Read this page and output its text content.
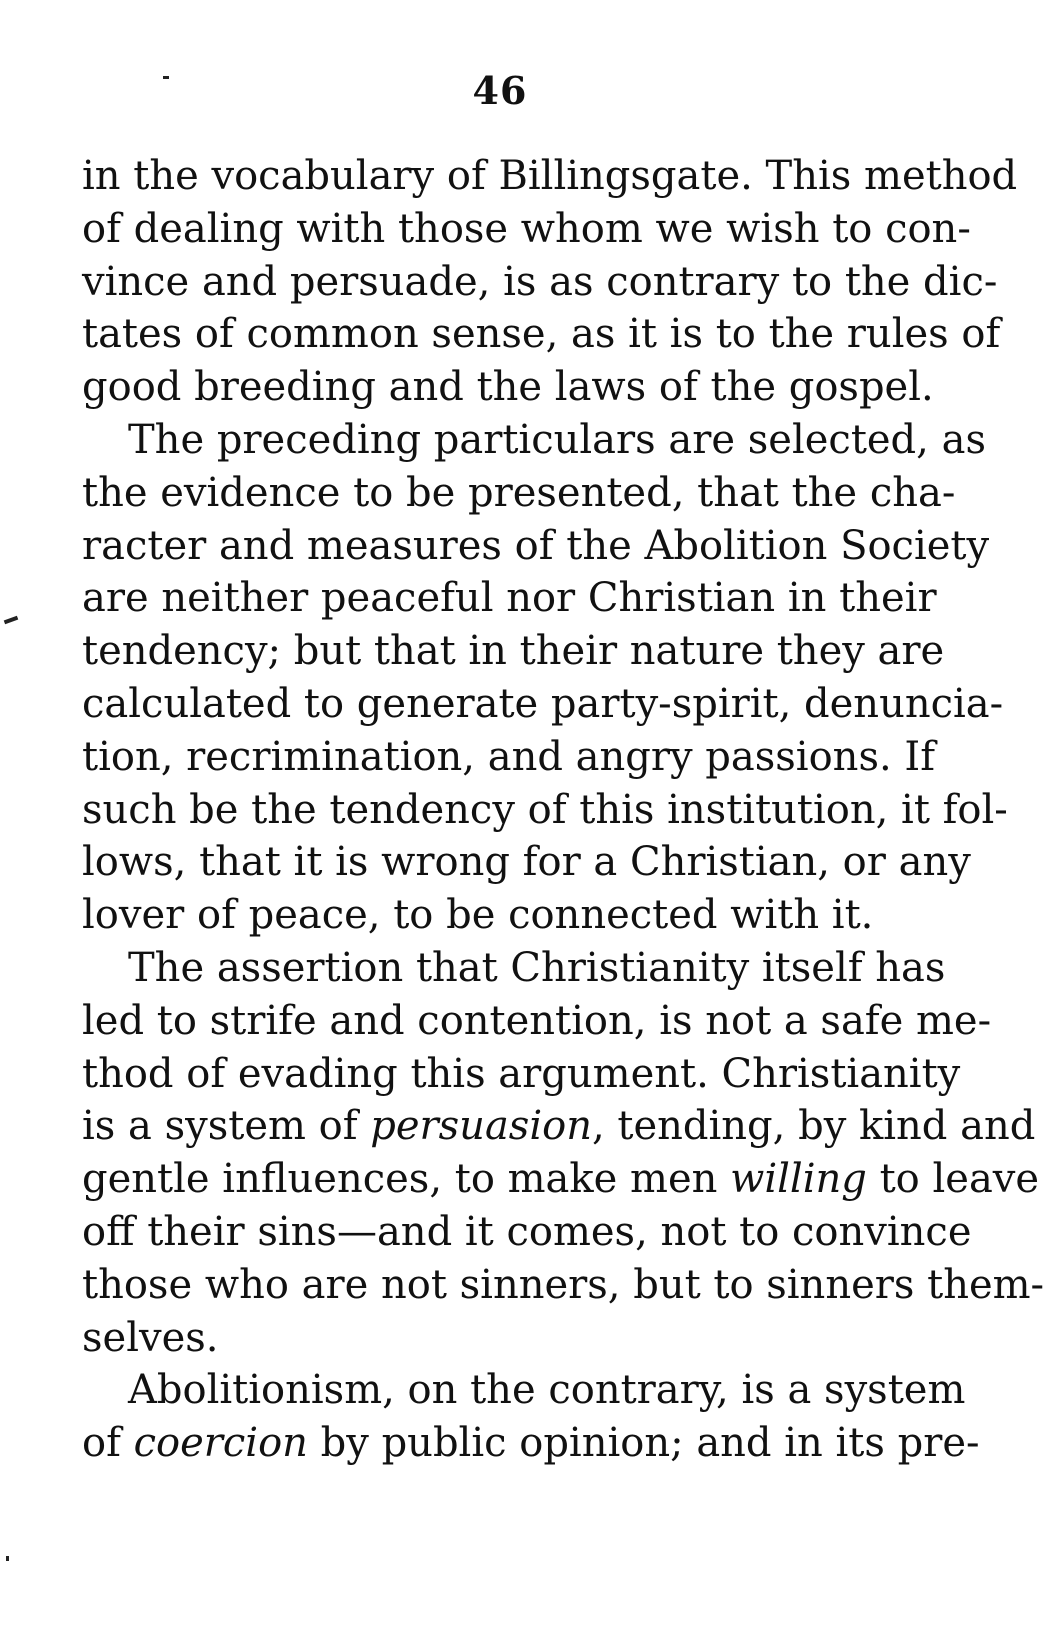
46
in the vocabulary of Billingsgate. This method
of dealing with those whom we wish to con-
vince and persuade, is as contrary to the dic-
tates of common sense, as it is to the rules of
good breeding and the laws of the gospel.
The preceding particulars are selected, as
the evidence to be presented, that the cha-
racter and measures of the Abolition Society
are neither peaceful nor Christian in their
tendency; but that in their nature they are
calculated to generate party-spirit, denuncia-
tion, recrimination, and angry passions. If
such be the tendency of this institution, it fol-
lows, that it is wrong for a Christian, or any
lover of peace, to be connected with it.
The assertion that Christianity itself has
led to strife and contention, is not a safe me-
thod of evading this argument. Christianity
is a system of persuasion, tending, by kind and
gentle influences, to make men willing to leave
off their sins—and it comes, not to convince
those who are not sinners, but to sinners them-
selves.
Abolitionism, on the contrary, is a system
of coercion by public opinion; and in its pre-
